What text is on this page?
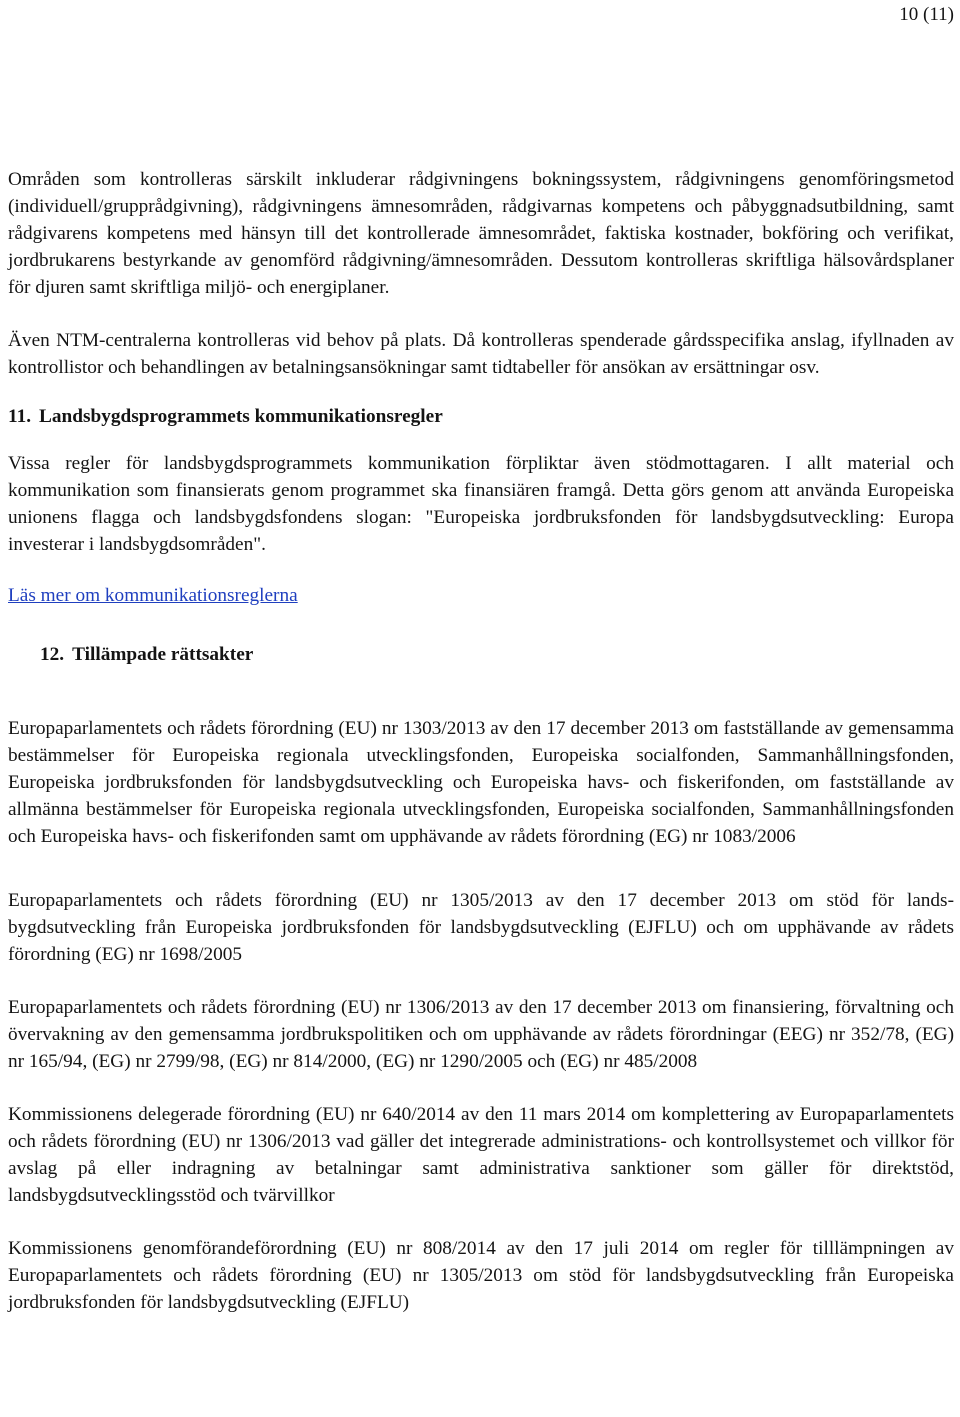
10 (11)

Områden som kontrolleras särskilt inkluderar rådgivningens bokningssystem, rådgivningens genomföringsmetod (individuell/grupprådgivning), rådgivningens ämnesområden, rådgivarnas kompetens och påbyggnadsutbildning, samt rådgivarens kompetens med hänsyn till det kontrollerade ämnesområdet, faktiska kostnader, bokföring och verifikat, jordbrukarens bestyrkande av genomförd rådgivning/ämnesområden. Dessutom kontrolleras skriftliga hälsovårdsplaner för djuren samt skriftliga miljö- och energiplaner.

Även NTM-centralerna kontrolleras vid behov på plats. Då kontrolleras spenderade gårdsspecifika anslag, ifyllnaden av kontrollistor och behandlingen av betalningsansökningar samt tidtabeller för ansökan av ersättningar osv.

11. Landsbygdsprogrammets kommunikationsregler

Vissa regler för landsbygdsprogrammets kommunikation förpliktar även stödmottagaren. I allt material och kommunikation som finansierats genom programmet ska finansiären framgå. Detta görs genom att använda Europeiska unionens flagga och landsbygdsfondens slogan: "Europeiska jordbruksfonden för landsbygdsutveckling: Europa investerar i landsbygdsområden".

Läs mer om kommunikationsreglerna
12. Tillämpade rättsakter

Europaparlamentets och rådets förordning (EU) nr 1303/2013 av den 17 december 2013 om fastställande av gemensamma bestämmelser för Europeiska regionala utvecklingsfonden, Europeiska socialfonden, Sammanhållningsfonden, Europeiska jordbruksfonden för landsbygdsutveckling och Europeiska havs- och fiskerifonden, om fastställande av allmänna bestämmelser för Europeiska regionala utvecklingsfonden, Europeiska socialfonden, Sammanhållningsfonden och Europeiska havs- och fiskerifonden samt om upphävande av rådets förordning (EG) nr 1083/2006

Europaparlamentets och rådets förordning (EU) nr 1305/2013 av den 17 december 2013 om stöd för landsbygdsutveckling från Europeiska jordbruksfonden för landsbygdsutveckling (EJFLU) och om upphävande av rådets förordning (EG) nr 1698/2005

Europaparlamentets och rådets förordning (EU) nr 1306/2013 av den 17 december 2013 om finansiering, förvaltning och övervakning av den gemensamma jordbrukspolitiken och om upphävande av rådets förordningar (EEG) nr 352/78, (EG) nr 165/94, (EG) nr 2799/98, (EG) nr 814/2000, (EG) nr 1290/2005 och (EG) nr 485/2008

Kommissionens delegerade förordning (EU) nr 640/2014 av den 11 mars 2014 om komplettering av Europaparlamentets och rådets förordning (EU) nr 1306/2013 vad gäller det integrerade administrations- och kontrollsystemet och villkor för avslag på eller indragning av betalningar samt administrativa sanktioner som gäller för direktstöd, landsbygdsutvecklingsstöd och tvärvillkor

Kommissionens genomförandeförordning (EU) nr 808/2014 av den 17 juli 2014 om regler för tilllämpningen av Europaparlamentets och rådets förordning (EU) nr 1305/2013 om stöd för landsbygdsutveckling från Europeiska jordbruksfonden för landsbygdsutveckling (EJFLU)
